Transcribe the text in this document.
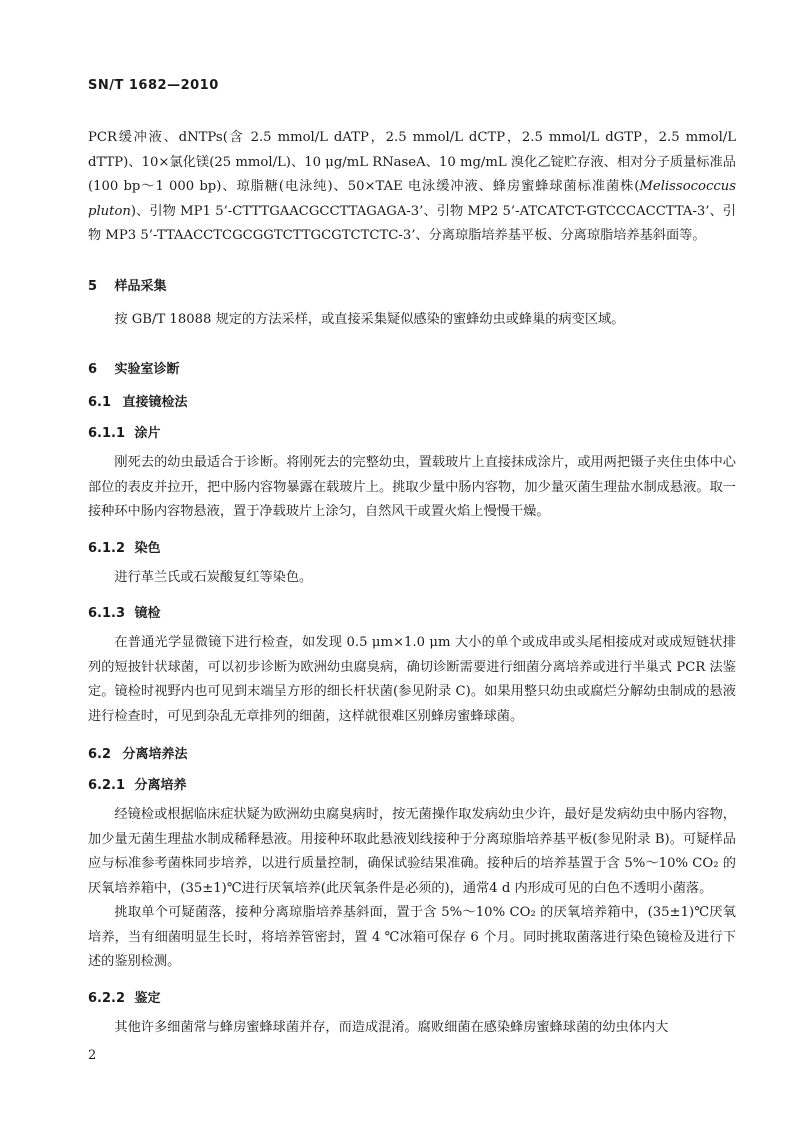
SN/T 1682—2010

PCR缓冲液、dNTPs(含 2.5 mmol/L dATP，2.5 mmol/L dCTP，2.5 mmol/L dGTP，2.5 mmol/L dTTP)、10×氯化镁(25 mmol/L)、10 μg/mL RNaseA、10 mg/mL 溴化乙锭贮存液、相对分子质量标准品(100 bp～1 000 bp)、琼脂糖(电泳纯)、50×TAE 电泳缓冲液、蜂房蜜蜂球菌标准菌株(Melissococcus pluton)、引物 MP1 5’-CTTTGAACGCCTTAGAGA-3’、引物 MP2 5’-ATCATCT-GTCCCACCTTA-3’、引物 MP3 5’-TTAACCTCGCGGTCTTGCGTCTCTC-3’、分离琼脂培养基平板、分离琼脂培养基斜面等。

5 样品采集

按 GB/T 18088 规定的方法采样，或直接采集疑似感染的蜜蜂幼虫或蜂巢的病变区域。

6 实验室诊断
6.1 直接镜检法
6.1.1 涂片

刚死去的幼虫最适合于诊断。将刚死去的完整幼虫，置载玻片上直接抹成涂片，或用两把镊子夹住虫体中心部位的表皮并拉开，把中肠内容物暴露在载玻片上。挑取少量中肠内容物，加少量灭菌生理盐水制成悬液。取一接种环中肠内容物悬液，置于净载玻片上涂匀，自然风干或置火焰上慢慢干燥。

6.1.2 染色

进行革兰氏或石炭酸复红等染色。

6.1.3 镜检

在普通光学显微镜下进行检查，如发现 0.5 μm×1.0 μm 大小的单个或成串或头尾相接成对或成短链状排列的短披针状球菌，可以初步诊断为欧洲幼虫腐臭病，确切诊断需要进行细菌分离培养或进行半巢式 PCR 法鉴定。镜检时视野内也可见到末端呈方形的细长杆状菌(参见附录 C)。如果用整只幼虫或腐烂分解幼虫制成的悬液进行检查时，可见到杂乱无章排列的细菌，这样就很难区别蜂房蜜蜂球菌。

6.2 分离培养法
6.2.1 分离培养

经镜检或根据临床症状疑为欧洲幼虫腐臭病时，按无菌操作取发病幼虫少许，最好是发病幼虫中肠内容物，加少量无菌生理盐水制成稀释悬液。用接种环取此悬液划线接种于分离琼脂培养基平板(参见附录 B)。可疑样品应与标准参考菌株同步培养，以进行质量控制，确保试验结果准确。接种后的培养基置于含 5%～10% CO₂ 的厌氧培养箱中，(35±1)℃进行厌氧培养(此厌氧条件是必须的)，通常4 d 内形成可见的白色不透明小菌落。

挑取单个可疑菌落，接种分离琼脂培养基斜面，置于含 5%～10% CO₂ 的厌氧培养箱中，(35±1)℃厌氧培养，当有细菌明显生长时，将培养管密封，置 4 ℃冰箱可保存 6 个月。同时挑取菌落进行染色镜检及进行下述的鉴别检测。

6.2.2 鉴定

其他许多细菌常与蜂房蜜蜂球菌并存，而造成混淆。腐败细菌在感染蜂房蜜蜂球菌的幼虫体内大

2
